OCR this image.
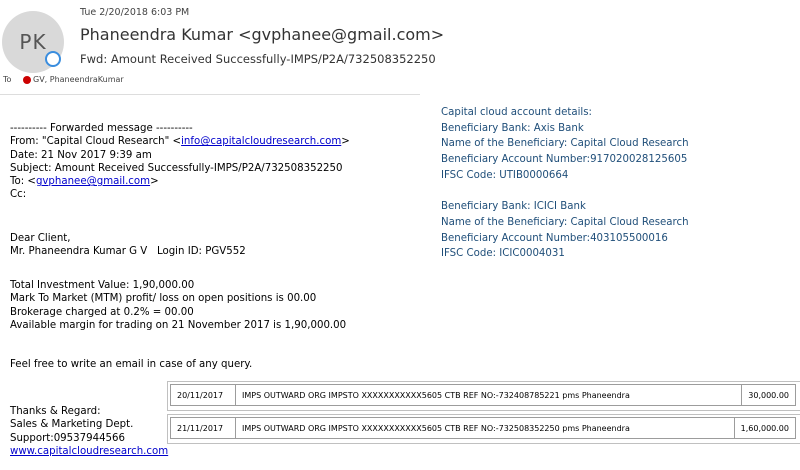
PK
Tue 2/20/2018 6:03 PM
Phaneendra Kumar <gvphanee@gmail.com>
Fwd: Amount Received Successfully-IMPS/P2A/732508352250
To	GV, PhaneendraKumar
---------- Forwarded message ----------
From: "Capital Cloud Research" <info@capitalcloudresearch.com>
Date: 21 Nov 2017 9:39 am
Subject: Amount Received Successfully-IMPS/P2A/732508352250
To: <gvphanee@gmail.com>
Cc:
Dear Client,
Mr. Phaneendra Kumar G V   Login ID: PGV552
Total Investment Value: 1,90,000.00
Mark To Market (MTM) profit/ loss on open positions is 00.00
Brokerage charged at 0.2% = 00.00
Available margin for trading on 21 November 2017 is 1,90,000.00
Feel free to write an email in case of any query.
Thanks & Regard:
Sales & Marketing Dept.
Support:09537944566
www.capitalcloudresearch.com
Capital cloud account details:
Beneficiary Bank: Axis Bank
Name of the Beneficiary: Capital Cloud Research
Beneficiary Account Number:917020028125605
IFSC Code: UTIB0000664
Beneficiary Bank: ICICI Bank
Name of the Beneficiary: Capital Cloud Research
Beneficiary Account Number:403105500016
IFSC Code: ICIC0004031
20/11/2017	IMPS OUTWARD ORG IMPSTO XXXXXXXXXXX5605 CTB REF NO:-732408785221 pms Phaneendra	30,000.00
21/11/2017	IMPS OUTWARD ORG IMPSTO XXXXXXXXXXX5605 CTB REF NO:-732508352250 pms Phaneendra	1,60,000.00
